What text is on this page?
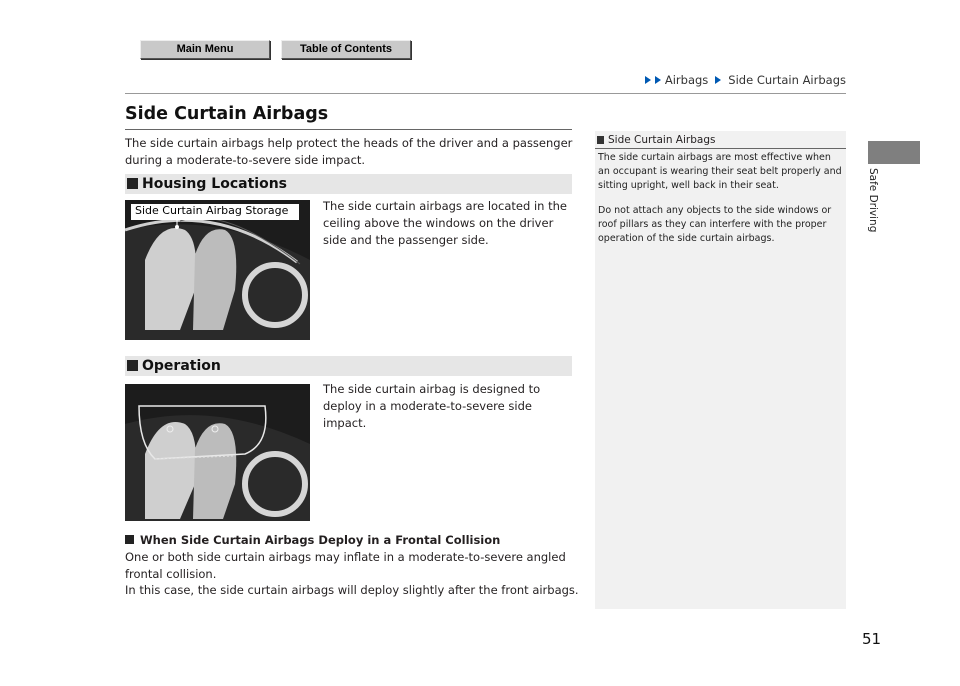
Main Menu	Table of Contents
Airbags Side Curtain Airbags
Side Curtain Airbags
The side curtain airbags help protect the heads of the driver and a passenger during a moderate-to-severe side impact.
Housing Locations
Side Curtain Airbag Storage	The side curtain airbags are located in the ceiling above the windows on the driver side and the passenger side.
Operation
The side curtain airbag is designed to deploy in a moderate-to-severe side impact.
When Side Curtain Airbags Deploy in a Frontal Collision

One or both side curtain airbags may inflate in a moderate-to-severe angled frontal collision.

In this case, the side curtain airbags will deploy slightly after the front airbags.

Side Curtain Airbags

The side curtain airbags are most effective when an occupant is wearing their seat belt properly and sitting upright, well back in their seat.

Do not attach any objects to the side windows or roof pillars as they can interfere with the proper operation of the side curtain airbags.

Safe Driving
51
